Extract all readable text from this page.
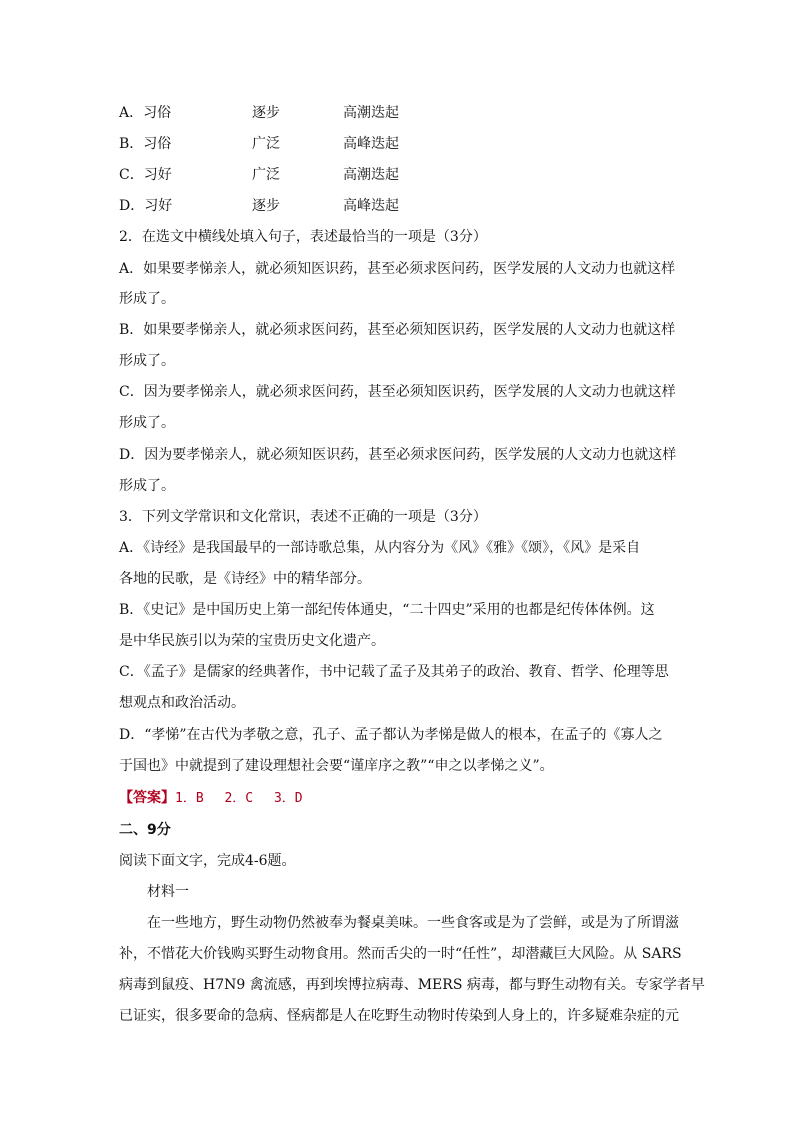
A．习俗	逐步	高潮迭起
B．习俗	广泛	高峰迭起
C．习好	广泛	高潮迭起
D．习好	逐步	高峰迭起
2．在选文中横线处填入句子，表述最恰当的一项是（3分）
A．如果要孝悌亲人，就必须知医识药，甚至必须求医问药，医学发展的人文动力也就这样
形成了。
B．如果要孝悌亲人，就必须求医问药，甚至必须知医识药，医学发展的人文动力也就这样
形成了。
C．因为要孝悌亲人，就必须求医问药，甚至必须知医识药，医学发展的人文动力也就这样
形成了。
D．因为要孝悌亲人，就必须知医识药，甚至必须求医问药，医学发展的人文动力也就这样
形成了。
3．下列文学常识和文化常识，表述不正确的一项是（3分）
A．《诗经》是我国最早的一部诗歌总集，从内容分为《风》《雅》《颂》，《风》是采自
各地的民歌，是《诗经》中的精华部分。
B．《史记》是中国历史上第一部纪传体通史，“二十四史”采用的也都是纪传体体例。这
是中华民族引以为荣的宝贵历史文化遗产。
C．《孟子》是儒家的经典著作，书中记载了孟子及其弟子的政治、教育、哲学、伦理等思
想观点和政治活动。
D．“孝悌”在古代为孝敬之意，孔子、孟子都认为孝悌是做人的根本，在孟子的《寡人之
于国也》中就提到了建设理想社会要“谨庠序之教”“申之以孝悌之义”。
【答案】1．B　 2．C　 3．D
二、9分
阅读下面文字，完成4-6题。
材料一
在一些地方，野生动物仍然被奉为餐桌美味。一些食客或是为了尝鲜，或是为了所谓滋
补，不惜花大价钱购买野生动物食用。然而舌尖的一时“任性”，却潜藏巨大风险。从 SARS
病毒到鼠疫、H7N9 禽流感，再到埃博拉病毒、MERS 病毒，都与野生动物有关。专家学者早
已证实，很多要命的急病、怪病都是人在吃野生动物时传染到人身上的，许多疑难杂症的元
